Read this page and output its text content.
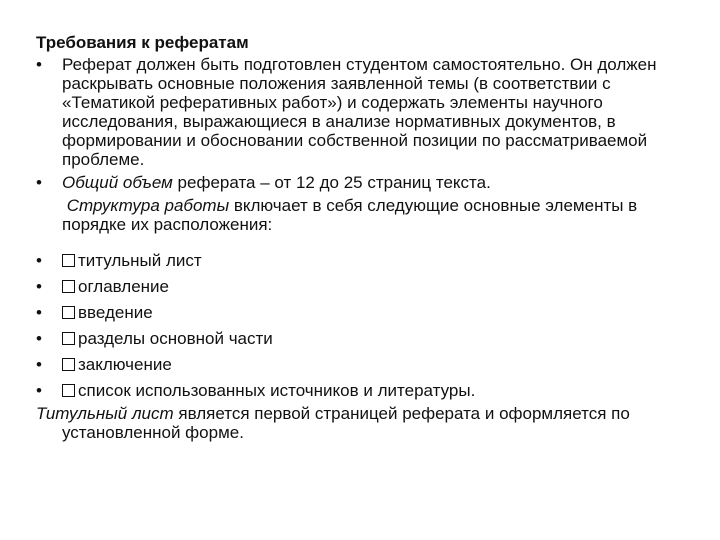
Требования к рефератам

• Реферат должен быть подготовлен студентом самостоятельно. Он должен раскрывать основные положения заявленной темы (в соответствии с «Тематикой реферативных работ») и содержать элементы научного исследования, выражающиеся в анализе нормативных документов, в формировании и обосновании собственной позиции по рассматриваемой проблеме.

• Общий объем реферата – от 12 до 25 страниц текста.

Структура работы включает в себя следующие основные элементы в порядке их расположения:

• титульный лист

• оглавление

• введение

• разделы основной части

• заключение

• список использованных источников и литературы.

Титульный лист является первой страницей реферата и оформляется по установленной форме.
